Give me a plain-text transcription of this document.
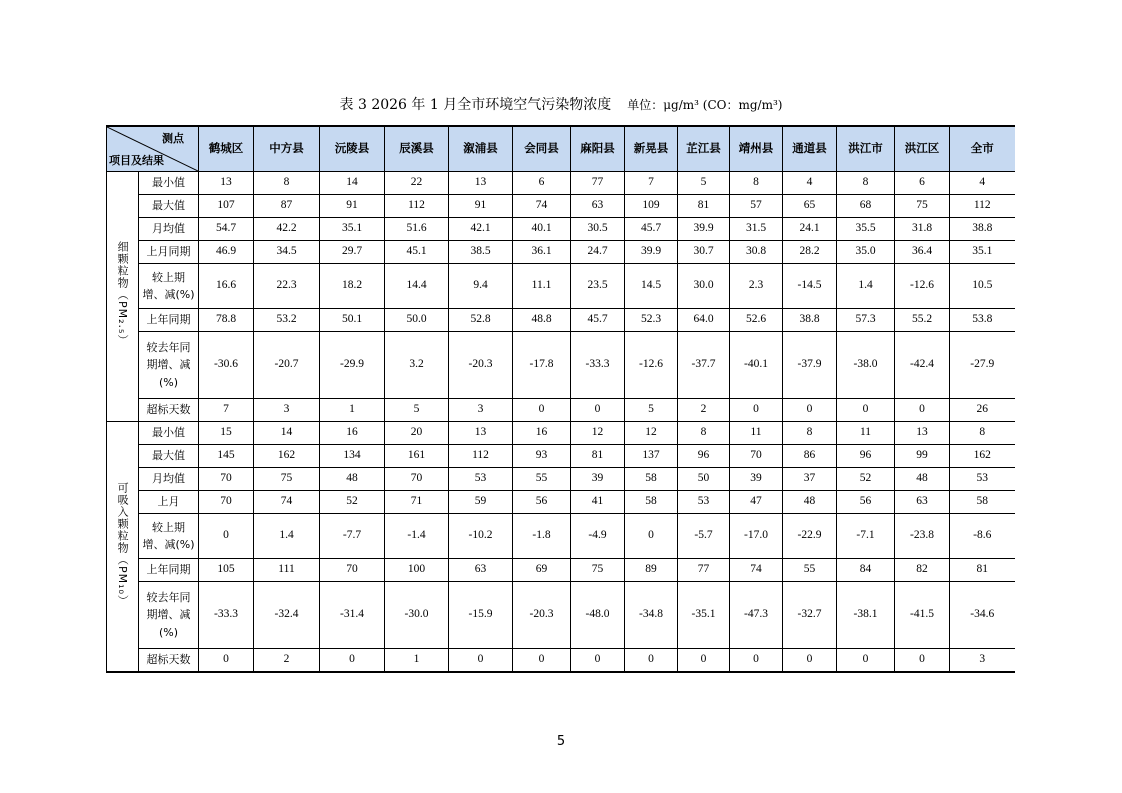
表 3 2026 年 1 月全市环境空气污染物浓度 单位：μg/m³ (CO：mg/m³)
测点
项目及结果		鹤城区	中方县	沅陵县	辰溪县	溆浦县	会同县	麻阳县	新晃县	芷江县	靖州县	通道县	洪江市	洪江区	全市
细颗粒物（PM₂.₅）	最小值	13	8	14	22	13	6	77	7	5	8	4	8	6	4

	最大值	107	87	91	112	91	74	63	109	81	57	65	68	75	112

	月均值	54.7	42.2	35.1	51.6	42.1	40.1	30.5	45.7	39.9	31.5	24.1	35.5	31.8	38.8

	上月同期	46.9	34.5	29.7	45.1	38.5	36.1	24.7	39.9	30.7	30.8	28.2	35.0	36.4	35.1

	较上期
增、减(%)	16.6	22.3	18.2	14.4	9.4	11.1	23.5	14.5	30.0	2.3	-14.5	1.4	-12.6	10.5

	上年同期	78.8	53.2	50.1	50.0	52.8	48.8	45.7	52.3	64.0	52.6	38.8	57.3	55.2	53.8

	较去年同
期增、减
(%)	-30.6	-20.7	-29.9	3.2	-20.3	-17.8	-33.3	-12.6	-37.7	-40.1	-37.9	-38.0	-42.4	-27.9

	超标天数	7	3	1	5	3	0	0	5	2	0	0	0	0	26
可吸入颗粒物（PM₁₀）	最小值	15	14	16	20	13	16	12	12	8	11	8	11	13	8

	最大值	145	162	134	161	112	93	81	137	96	70	86	96	99	162

	月均值	70	75	48	70	53	55	39	58	50	39	37	52	48	53

	上月	70	74	52	71	59	56	41	58	53	47	48	56	63	58

	较上期
增、减(%)	0	1.4	-7.7	-1.4	-10.2	-1.8	-4.9	0	-5.7	-17.0	-22.9	-7.1	-23.8	-8.6

	上年同期	105	111	70	100	63	69	75	89	77	74	55	84	82	81

	较去年同
期增、减
(%)	-33.3	-32.4	-31.4	-30.0	-15.9	-20.3	-48.0	-34.8	-35.1	-47.3	-32.7	-38.1	-41.5	-34.6

	超标天数	0	2	0	1	0	0	0	0	0	0	0	0	0	3
5
